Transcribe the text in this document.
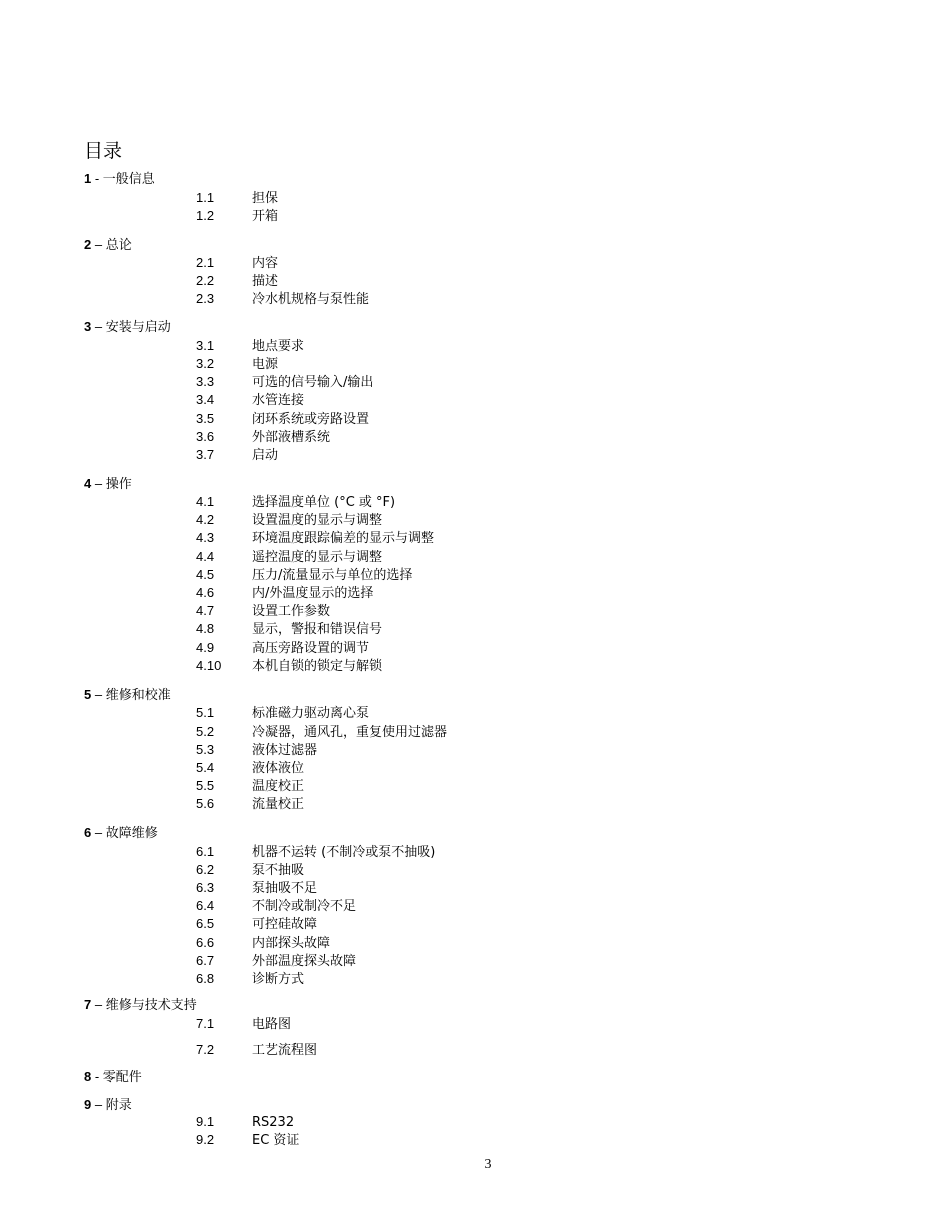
目录
1 - 一般信息
1.1	担保
1.2	开箱
2 – 总论
2.1	内容
2.2	描述
2.3	冷水机规格与泵性能
3 – 安装与启动
3.1	地点要求
3.2	电源
3.3	可选的信号输入/输出
3.4	水管连接
3.5	闭环系统或旁路设置
3.6	外部液槽系统
3.7	启动
4 – 操作
4.1	选择温度单位 (°C 或 °F)
4.2	设置温度的显示与调整
4.3	环境温度跟踪偏差的显示与调整
4.4	遥控温度的显示与调整
4.5	压力/流量显示与单位的选择
4.6	内/外温度显示的选择
4.7	设置工作参数
4.8	显示，警报和错误信号
4.9	高压旁路设置的调节
4.10 本机自锁的锁定与解锁
5 – 维修和校准
5.1	标准磁力驱动离心泵
5.2	冷凝器，通风孔，重复使用过滤器
5.3	液体过滤器
5.4	液体液位
5.5	温度校正
5.6	流量校正
6 – 故障维修
6.1	机器不运转 (不制冷或泵不抽吸)
6.2	泵不抽吸
6.3	泵抽吸不足
6.4	不制冷或制冷不足
6.5	可控硅故障
6.6	内部探头故障
6.7	外部温度探头故障
6.8	诊断方式
7 – 维修与技术支持
7.1	电路图
7.2	工艺流程图
8 - 零配件
9 – 附录
9.1	RS232
9.2	EC 资证
3
